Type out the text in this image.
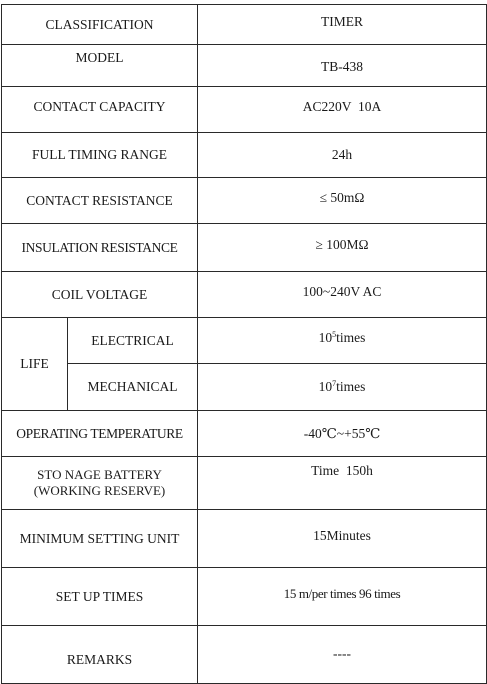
CLASSIFICATION		TIMER
MODEL		TB-438
CONTACT CAPACITY		AC220V  10A
FULL TIMING RANGE		24h
CONTACT RESISTANCE		≤ 50mΩ
INSULATION RESISTANCE		≥ 100MΩ
COIL VOLTAGE		100~240V AC
LIFE	ELECTRICAL	$10^5times$
	MECHANICAL	$10^7times$
OPERATING TEMPERATURE		-40℃~+55℃
STO NAGE BATTERY
(WORKING RESERVE)		Time  150h
MINIMUM SETTING UNIT		15Minutes
SET UP TIMES		15 m/per times 96 times
REMARKS		----
